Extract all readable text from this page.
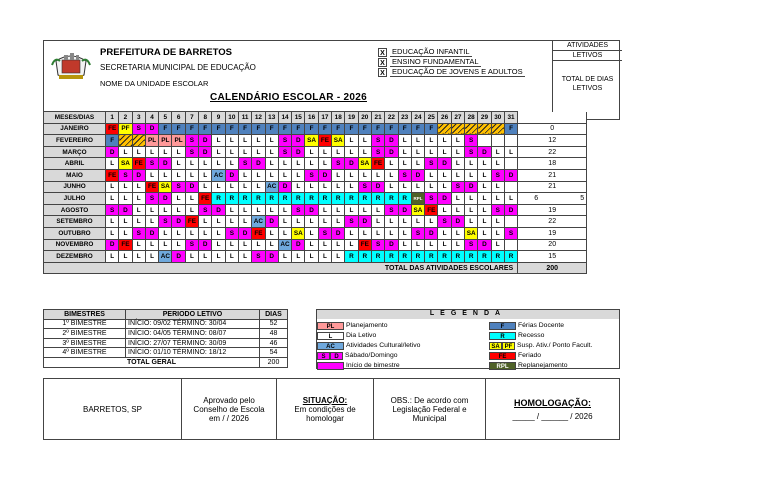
PREFEITURA DE BARRETOS
SECRETARIA MUNICIPAL DE EDUCAÇÃO
NOME DA UNIDADE ESCOLAR
CALENDÁRIO ESCOLAR - 2026
X EDUCAÇÃO INFANTIL
X ENSINO FUNDAMENTAL
X EDUCAÇÃO DE JOVENS E ADULTOS
ATIVIDADES
LETIVOS
TOTAL DE DIAS
LETIVOS
MESES/DIAS	1	2	3	4	5	6	7	8	9	10	11	12	13	14	15	16	17	18	19	20	21	22	23	24	25	26	27	28	29	30	31	
JANEIRO	FE	PF	S	D	F	F	F	F	F	F	F	F	F	F	F	F	F	F	F	F	F	F	F	F	F						F	0
FEVEREIRO	F			PL	PL	PL	S	D	L	L	L	L	L	S	D	SA	FE	SA	L	L	S	D	L	L	L	L	L	S				12
MARÇO	D	L	L	L	L	L	S	D	L	L	L	L	L	S	D	L	L	L	L	L	S	D	L	L	L	L	L	S	D	L	L	22
ABRIL	L	SA	FE	S	D	L	L	L	L	L	S	D	L	L	L	L	L	S	D	SA	FE	L	L	L	S	D	L	L	L	L		18
MAIO	FE	S	D	L	L	L	L	L	AC	D	L	L	L	L	L	S	D	L	L	L	L	L	S	D	L	L	L	L	L	S	D	21
JUNHO	L	L	L	FE	SA	S	D	L	L	L	L	L	AC	D	L	L	L	L	L	S	D	L	L	L	L	L	S	D	L	L		21
JULHO	L	L	L	S	D	L	L	FE	R	R	R	R	R	R	R	R	R	R	R	R	R	R	R	RPL	S	D	L	L	L	L	L	6 5

AGOSTO	S	D	L	L	L	L	L	S	D	L	L	L	L	L	S	D	L	L	L	L	L	S	D	SA	FE	L	L	L	L	S	D	19
SETEMBRO	L	L	L	L	S	D	FE	L	L	L	L	AC	D	L	L	L	L	L	S	D	L	L	L	L	L	S	D	L	L	L		22
OUTUBRO	L	L	S	D	L	L	L	L	L	S	D	FE	L	L	SA	L	S	D	L	L	L	L	L	S	D	L	L	SA	L	L	S	19
NOVEMBRO	D	FE	L	L	L	L	S	D	L	L	L	L	L	AC	D	L	L	L	L	FE	S	D	L	L	L	L	L	S	D	L		20
DEZEMBRO	L	L	L	L	AC	D	L	L	L	L	L	S	D	L	L	L	L	L	R	R	R	R	R	R	R	R	R	R	R	R	R	15
TOTAL DAS ATIVIDADES ESCOLARES																																200
BIMESTRES	PERIODO LETIVO	DIAS
1º BIMESTRE	INÍCIO: 09/02 TÉRMINO: 30/04	52
2º BIMESTRE	INÍCIO: 04/05 TÉRMINO: 08/07	48
3º BIMESTRE	INÍCIO: 27/07 TÉRMINO: 30/09	46
4º BIMESTRE	INÍCIO: 01/10 TÉRMINO: 18/12	54
TOTAL GERAL		200
LEGENDA
PL	Planejamento
L	Dia Letivo
AC	Atividades Cultural/letivo
S	D Sábado/Domingo
Início de bimestre
F	Férias Docente
R	Recesso
SA PF Susp. Ativ./ Ponto Facult.
FE	Feriado
RPL	Replanejamento
BARRETOS, SP
Aprovado pelo
Conselho de Escola
em / / 2026
SITUAÇÃO:
Em condições de
homologar
OBS.: De acordo com
Legislação Federal e
Municipal
HOMOLOGAÇÃO:
_____ / ______ / 2026
